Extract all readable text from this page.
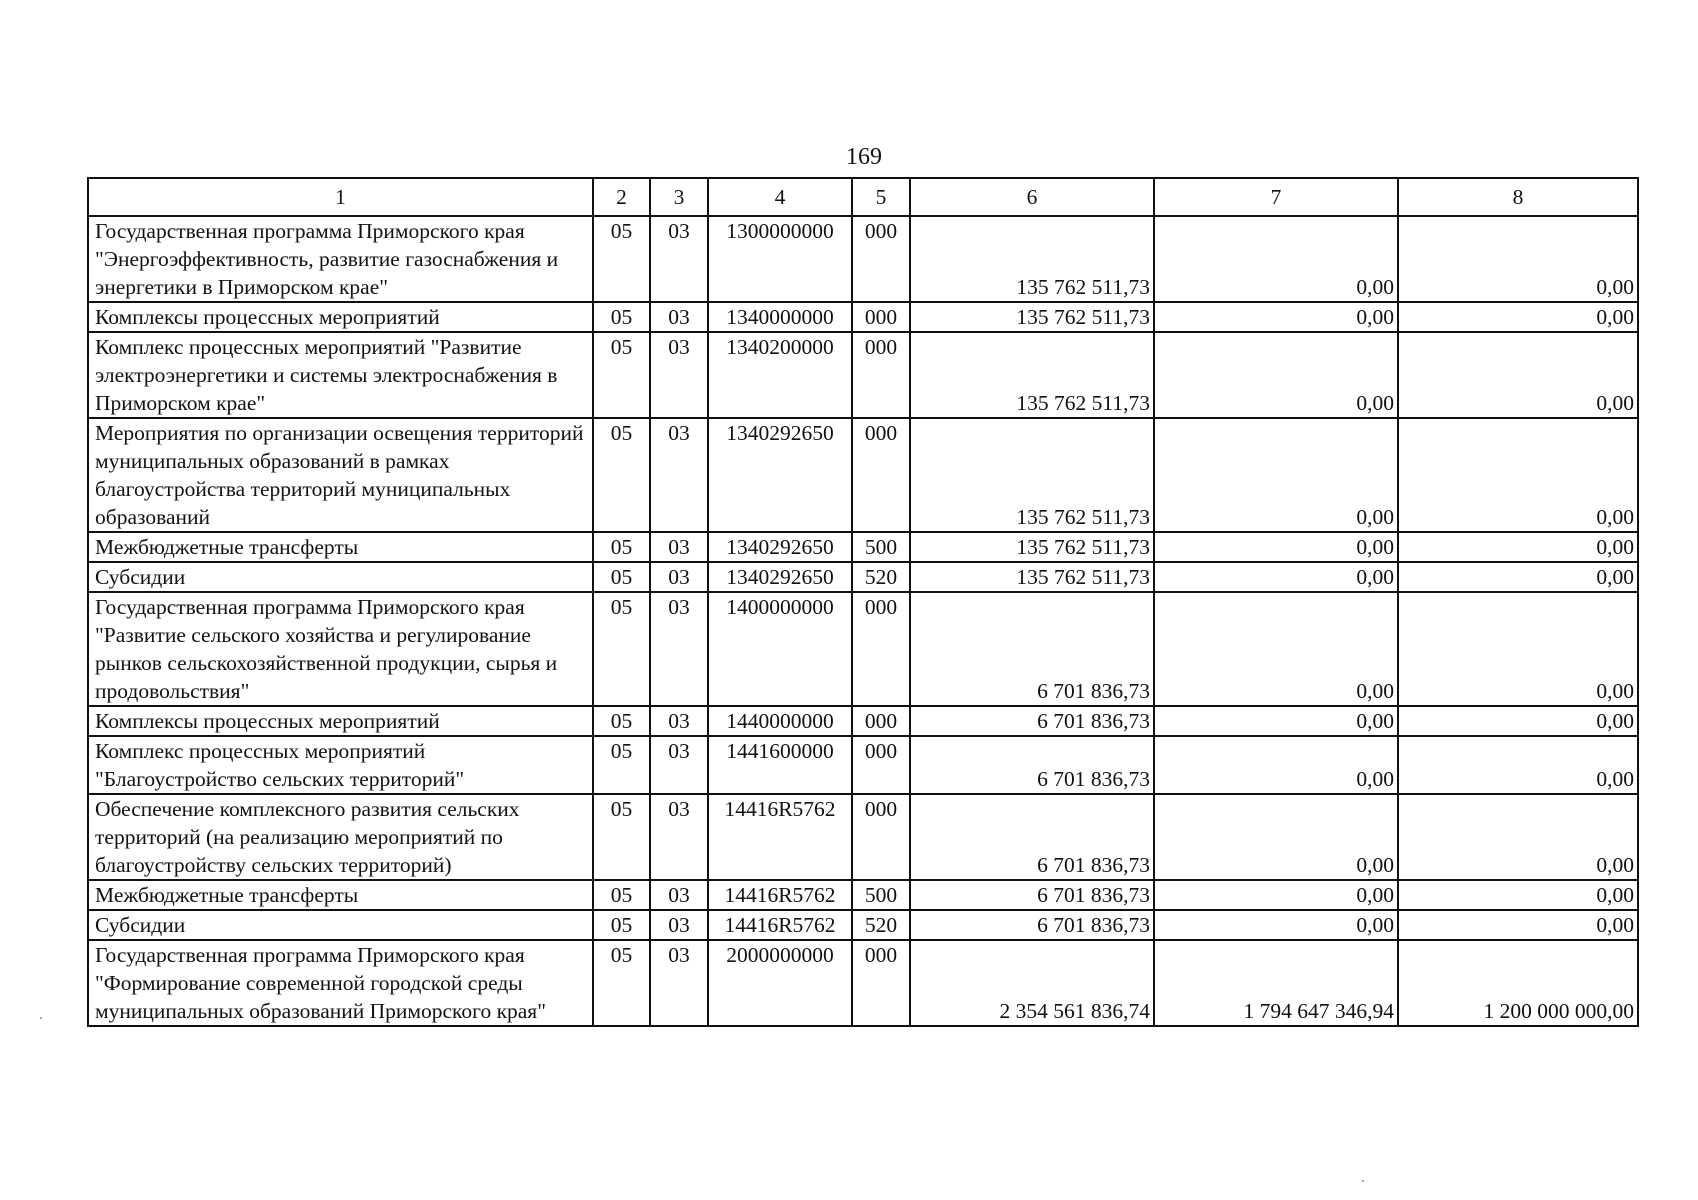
169
1	2	3	4	5	6	7	8
Государственная программа Приморского края "Энергоэффективность, развитие газоснабжения и энергетики в Приморском крае"	05	03	1300000000	000	135 762 511,73	0,00	0,00
Комплексы процессных мероприятий	05	03	1340000000	000	135 762 511,73	0,00	0,00
Комплекс процессных мероприятий "Развитие электроэнергетики и системы электроснабжения в Приморском крае"	05	03	1340200000	000	135 762 511,73	0,00	0,00
Мероприятия по организации освещения территорий муниципальных образований в рамках благоустройства территорий муниципальных образований	05	03	1340292650	000	135 762 511,73	0,00	0,00
Межбюджетные трансферты	05	03	1340292650	500	135 762 511,73	0,00	0,00
Субсидии	05	03	1340292650	520	135 762 511,73	0,00	0,00
Государственная программа Приморского края "Развитие сельского хозяйства и регулирование рынков сельскохозяйственной продукции, сырья и продовольствия"	05	03	1400000000	000	6 701 836,73	0,00	0,00
Комплексы процессных мероприятий	05	03	1440000000	000	6 701 836,73	0,00	0,00
Комплекс процессных мероприятий "Благоустройство сельских территорий"	05	03	1441600000	000	6 701 836,73	0,00	0,00
Обеспечение комплексного развития сельских территорий (на реализацию мероприятий по благоустройству сельских территорий)	05	03	14416R5762	000	6 701 836,73	0,00	0,00
Межбюджетные трансферты	05	03	14416R5762	500	6 701 836,73	0,00	0,00
Субсидии	05	03	14416R5762	520	6 701 836,73	0,00	0,00
Государственная программа Приморского края "Формирование современной городской среды муниципальных образований Приморского края"	05	03	2000000000	000	2 354 561 836,74	1 794 647 346,94	1 200 000 000,00
